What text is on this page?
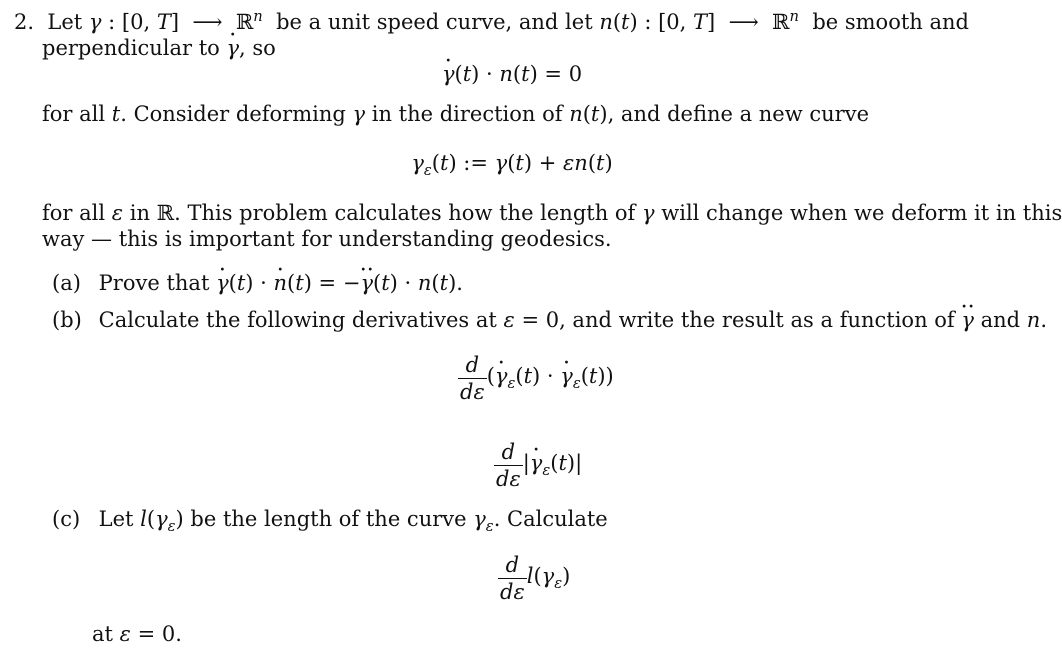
2.  Let γ : [0, T]  ⟶  ℝ$^n$  be a unit speed curve, and let n(t) : [0, T]  ⟶  ℝ$^n$  be smooth and
perpendicular to γ ·, so
γ ·(t) · n(t) = 0
for all t. Consider deforming γ in the direction of n(t), and define a new curve
$\gamma_\varepsilon(t)$ := γ(t) + εn(t)
for all ε in ℝ. This problem calculates how the length of γ will change when we deform it in this
way — this is important for understanding geodesics.
(a) Prove that γ ·(t) · n ·(t) = −γ ··(t) · n(t).
(b) Calculate the following derivatives at ε = 0, and write the result as a function of γ ·· and n.
$\frac{d}{d\varepsilon} (\gamma \cdot_\varepsilon(t) \cdot \gamma \cdot_\varepsilon(t))$
$\frac{d}{d\varepsilon} |\gamma \cdot_\varepsilon(t)|$
(c) Let $l(\gamma_\varepsilon)$ be the length of the curve $\gamma_\varepsilon$. Calculate
$\frac{d}{d\varepsilon} l(\gamma_\varepsilon)$
at ε = 0.
